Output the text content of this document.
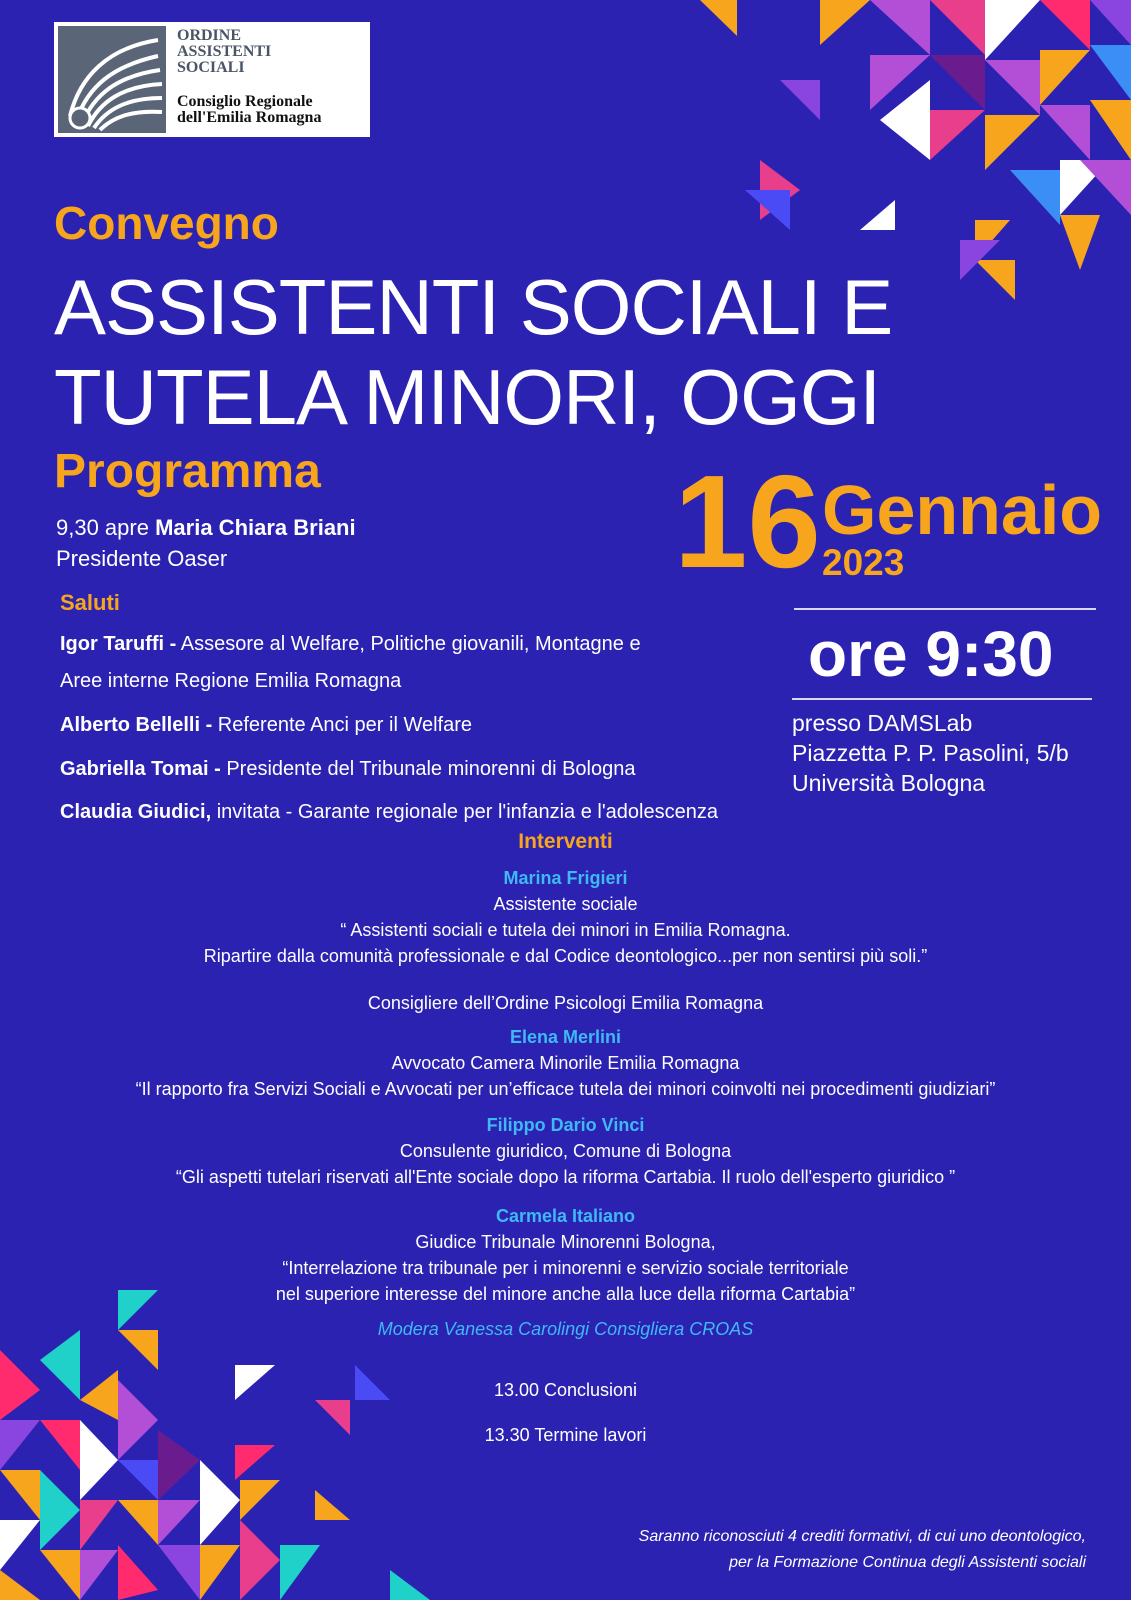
ORDINE
ASSISTENTI
SOCIALI
Consiglio Regionale
dell'Emilia Romagna
Convegno
ASSISTENTI SOCIALI E
TUTELA MINORI, OGGI
Programma
9,30 apre Maria Chiara Briani
Presidente Oaser	16 Gennaio
2023
ore 9:30
presso DAMSLab
Piazzetta P. P. Pasolini, 5/b
Università Bologna
Saluti
Igor Taruffi - Assesore al Welfare, Politiche giovanili, Montagne e
Aree interne Regione Emilia Romagna
Alberto Bellelli - Referente Anci per il Welfare
Gabriella Tomai - Presidente del Tribunale minorenni di Bologna
Claudia Giudici, invitata - Garante regionale per l'infanzia e l'adolescenza
Interventi
Marina Frigieri
Assistente sociale
“ Assistenti sociali e tutela dei minori in Emilia Romagna.
Ripartire dalla comunità professionale e dal Codice deontologico...per non sentirsi più soli.”
Consigliere dell’Ordine Psicologi Emilia Romagna
Elena Merlini
Avvocato Camera Minorile Emilia Romagna
“Il rapporto fra Servizi Sociali e Avvocati per un’efficace tutela dei minori coinvolti nei procedimenti giudiziari”
Filippo Dario Vinci
Consulente giuridico, Comune di Bologna
“Gli aspetti tutelari riservati all'Ente sociale dopo la riforma Cartabia. Il ruolo dell'esperto giuridico ”
Carmela Italiano
Giudice Tribunale Minorenni Bologna,
“Interrelazione tra tribunale per i minorenni e servizio sociale territoriale
nel superiore interesse del minore anche alla luce della riforma Cartabia”
Modera Vanessa Carolingi Consigliera CROAS
13.00 Conclusioni
13.30 Termine lavori
Saranno riconosciuti 4 crediti formativi, di cui uno deontologico,
per la Formazione Continua degli Assistenti sociali
